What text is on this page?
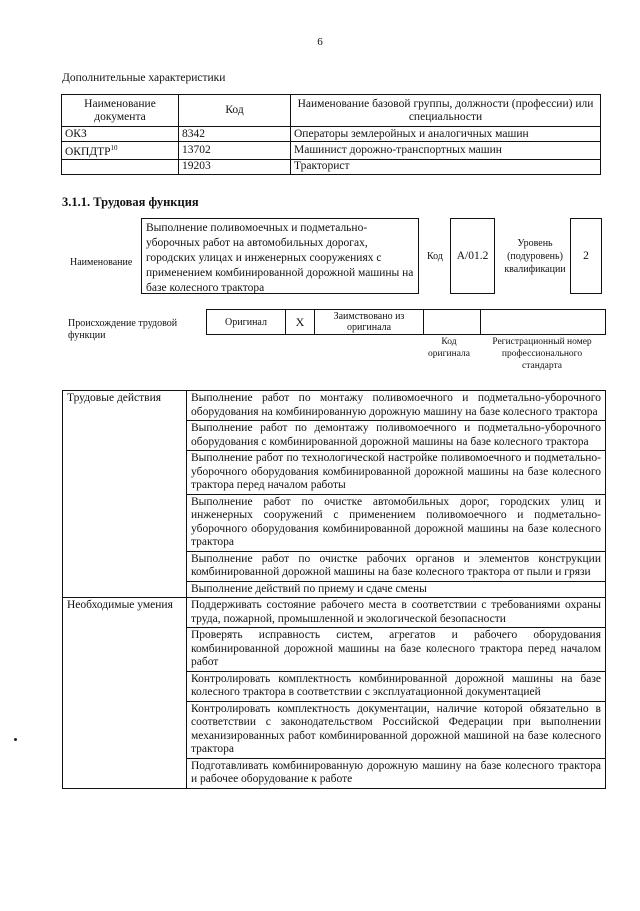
6
Дополнительные характеристики
Наименование документа	Код	Наименование базовой группы, должности (профессии) или специальности
ОКЗ	8342	Операторы землеройных и аналогичных машин
ОКПДТР$^{10}$	13702	Машинист дорожно-транспортных машин
	19203	Тракторист
3.1.1. Трудовая функция
Наименование
Выполнение поливомоечных и подметально-уборочных работ на автомобильных дорогах, городских улицах и инженерных сооружениях с применением комбинированной дорожной машины на базе колесного трактора
Код	А/01.2
Уровень (подуровень) квалификации
2
Происхождение трудовой функции
Оригинал	X	Заимствовано из оригинала		
Код оригинала
Регистрационный номер профессионального стандарта
Трудовые действия	Выполнение работ по монтажу поливомоечного и подметально-уборочного оборудования на комбинированную дорожную машину на базе колесного трактора
	Выполнение работ по демонтажу поливомоечного и подметально-уборочного оборудования с комбинированной дорожной машины на базе колесного трактора
	Выполнение работ по технологической настройке поливомоечного и подметально-уборочного оборудования комбинированной дорожной машины на базе колесного трактора перед началом работы
	Выполнение работ по очистке автомобильных дорог, городских улиц и инженерных сооружений с применением поливомоечного и подметально-уборочного оборудования комбинированной дорожной машины на базе колесного трактора
	Выполнение работ по очистке рабочих органов и элементов конструкции комбинированной дорожной машины на базе колесного трактора от пыли и грязи
	Выполнение действий по приему и сдаче смены
Необходимые умения	Поддерживать состояние рабочего места в соответствии с требованиями охраны труда, пожарной, промышленной и экологической безопасности
	Проверять исправность систем, агрегатов и рабочего оборудования комбинированной дорожной машины на базе колесного трактора перед началом работ
	Контролировать комплектность комбинированной дорожной машины на базе колесного трактора в соответствии с эксплуатационной документацией
	Контролировать комплектность документации, наличие которой обязательно в соответствии с законодательством Российской Федерации при выполнении механизированных работ комбинированной дорожной машиной на базе колесного трактора
	Подготавливать комбинированную дорожную машину на базе колесного трактора и рабочее оборудование к работе
